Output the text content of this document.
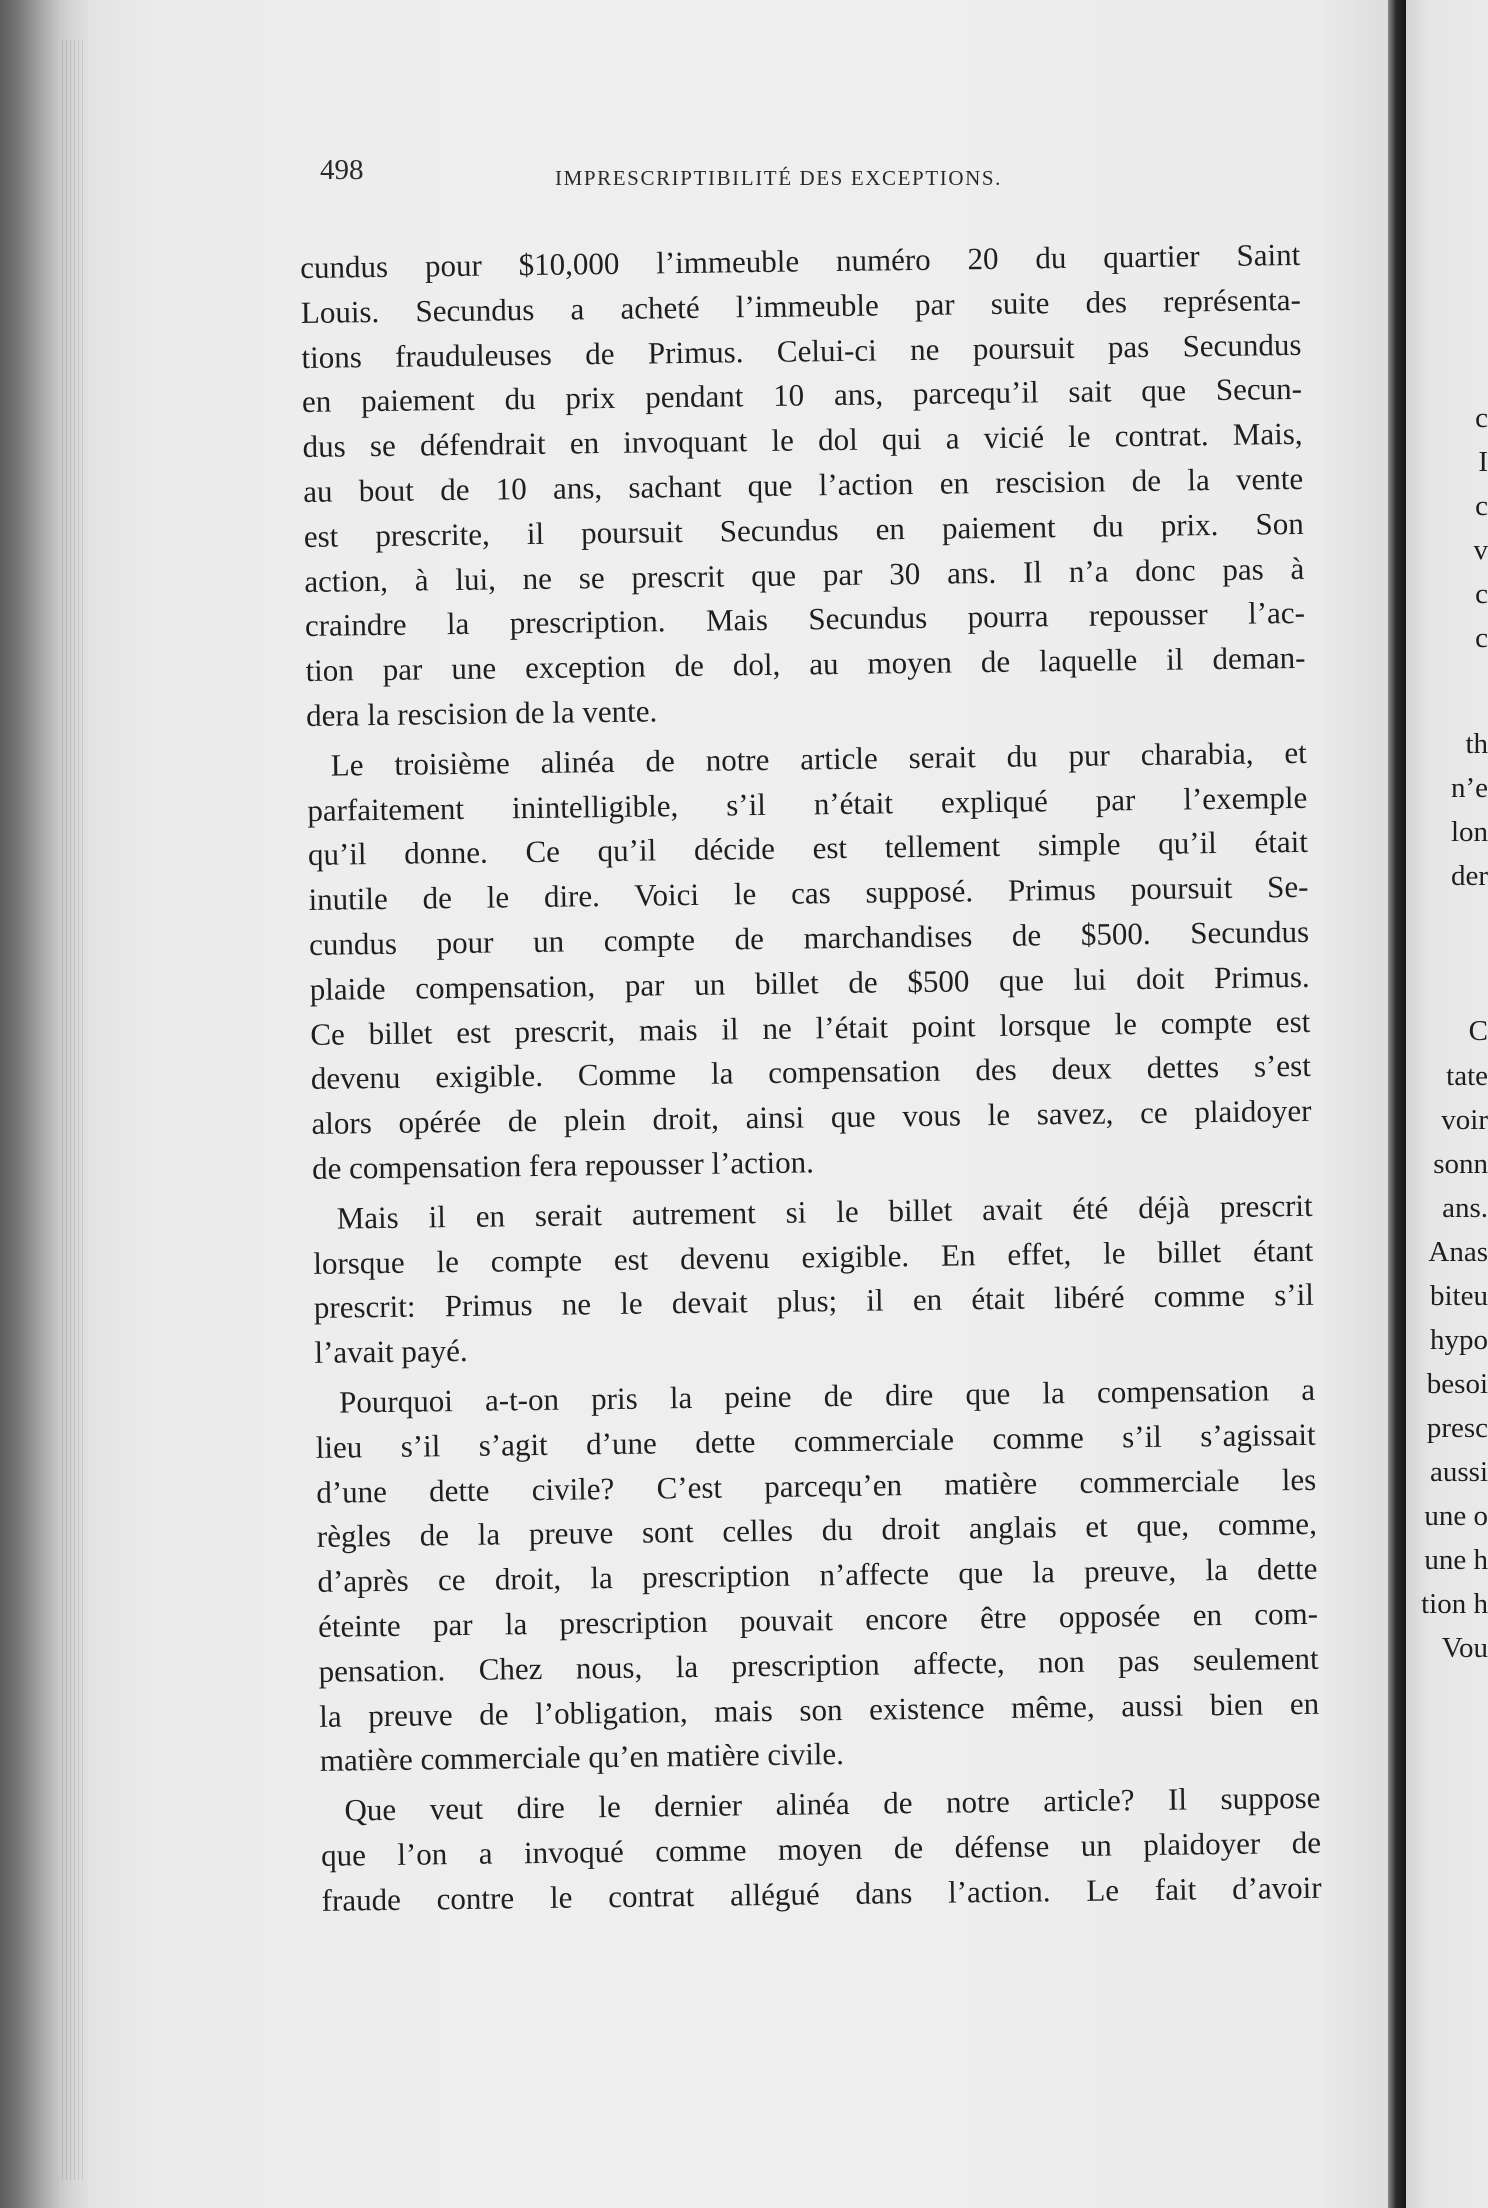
498	IMPRESCRIPTIBILITÉ DES EXCEPTIONS.
cundus pour $10,000 l’immeuble numéro 20 du quartier Saint
Louis. Secundus a acheté l’immeuble par suite des représenta-
tions frauduleuses de Primus. Celui-ci ne poursuit pas Secundus
en paiement du prix pendant 10 ans, parcequ’il sait que Secun-
dus se défendrait en invoquant le dol qui a vicié le contrat. Mais,
au bout de 10 ans, sachant que l’action en rescision de la vente
est prescrite, il poursuit Secundus en paiement du prix. Son
action, à lui, ne se prescrit que par 30 ans. Il n’a donc pas à
craindre la prescription. Mais Secundus pourra repousser l’ac-
tion par une exception de dol, au moyen de laquelle il deman-
dera la rescision de la vente.
Le troisième alinéa de notre article serait du pur charabia, et
parfaitement inintelligible, s’il n’était expliqué par l’exemple
qu’il donne. Ce qu’il décide est tellement simple qu’il était
inutile de le dire. Voici le cas supposé. Primus poursuit Se-
cundus pour un compte de marchandises de $500. Secundus
plaide compensation, par un billet de $500 que lui doit Primus.
Ce billet est prescrit, mais il ne l’était point lorsque le compte est
devenu exigible. Comme la compensation des deux dettes s’est
alors opérée de plein droit, ainsi que vous le savez, ce plaidoyer
de compensation fera repousser l’action.
Mais il en serait autrement si le billet avait été déjà prescrit
lorsque le compte est devenu exigible. En effet, le billet étant
prescrit: Primus ne le devait plus; il en était libéré comme s’il
l’avait payé.
Pourquoi a-t-on pris la peine de dire que la compensation a
lieu s’il s’agit d’une dette commerciale comme s’il s’agissait
d’une dette civile? C’est parcequ’en matière commerciale les
règles de la preuve sont celles du droit anglais et que, comme,
d’après ce droit, la prescription n’affecte que la preuve, la dette
éteinte par la prescription pouvait encore être opposée en com-
pensation. Chez nous, la prescription affecte, non pas seulement
la preuve de l’obligation, mais son existence même, aussi bien en
matière commerciale qu’en matière civile.
Que veut dire le dernier alinéa de notre article? Il suppose
que l’on a invoqué comme moyen de défense un plaidoyer de
fraude contre le contrat allégué dans l’action. Le fait d’avoir
c
I
c
v
c
c
th
n’e
lon
der
C
tate
voir
sonn
ans.
Anas
biteu
hypo
besoi
presc
aussi
une o
une h
tion h
Vou
